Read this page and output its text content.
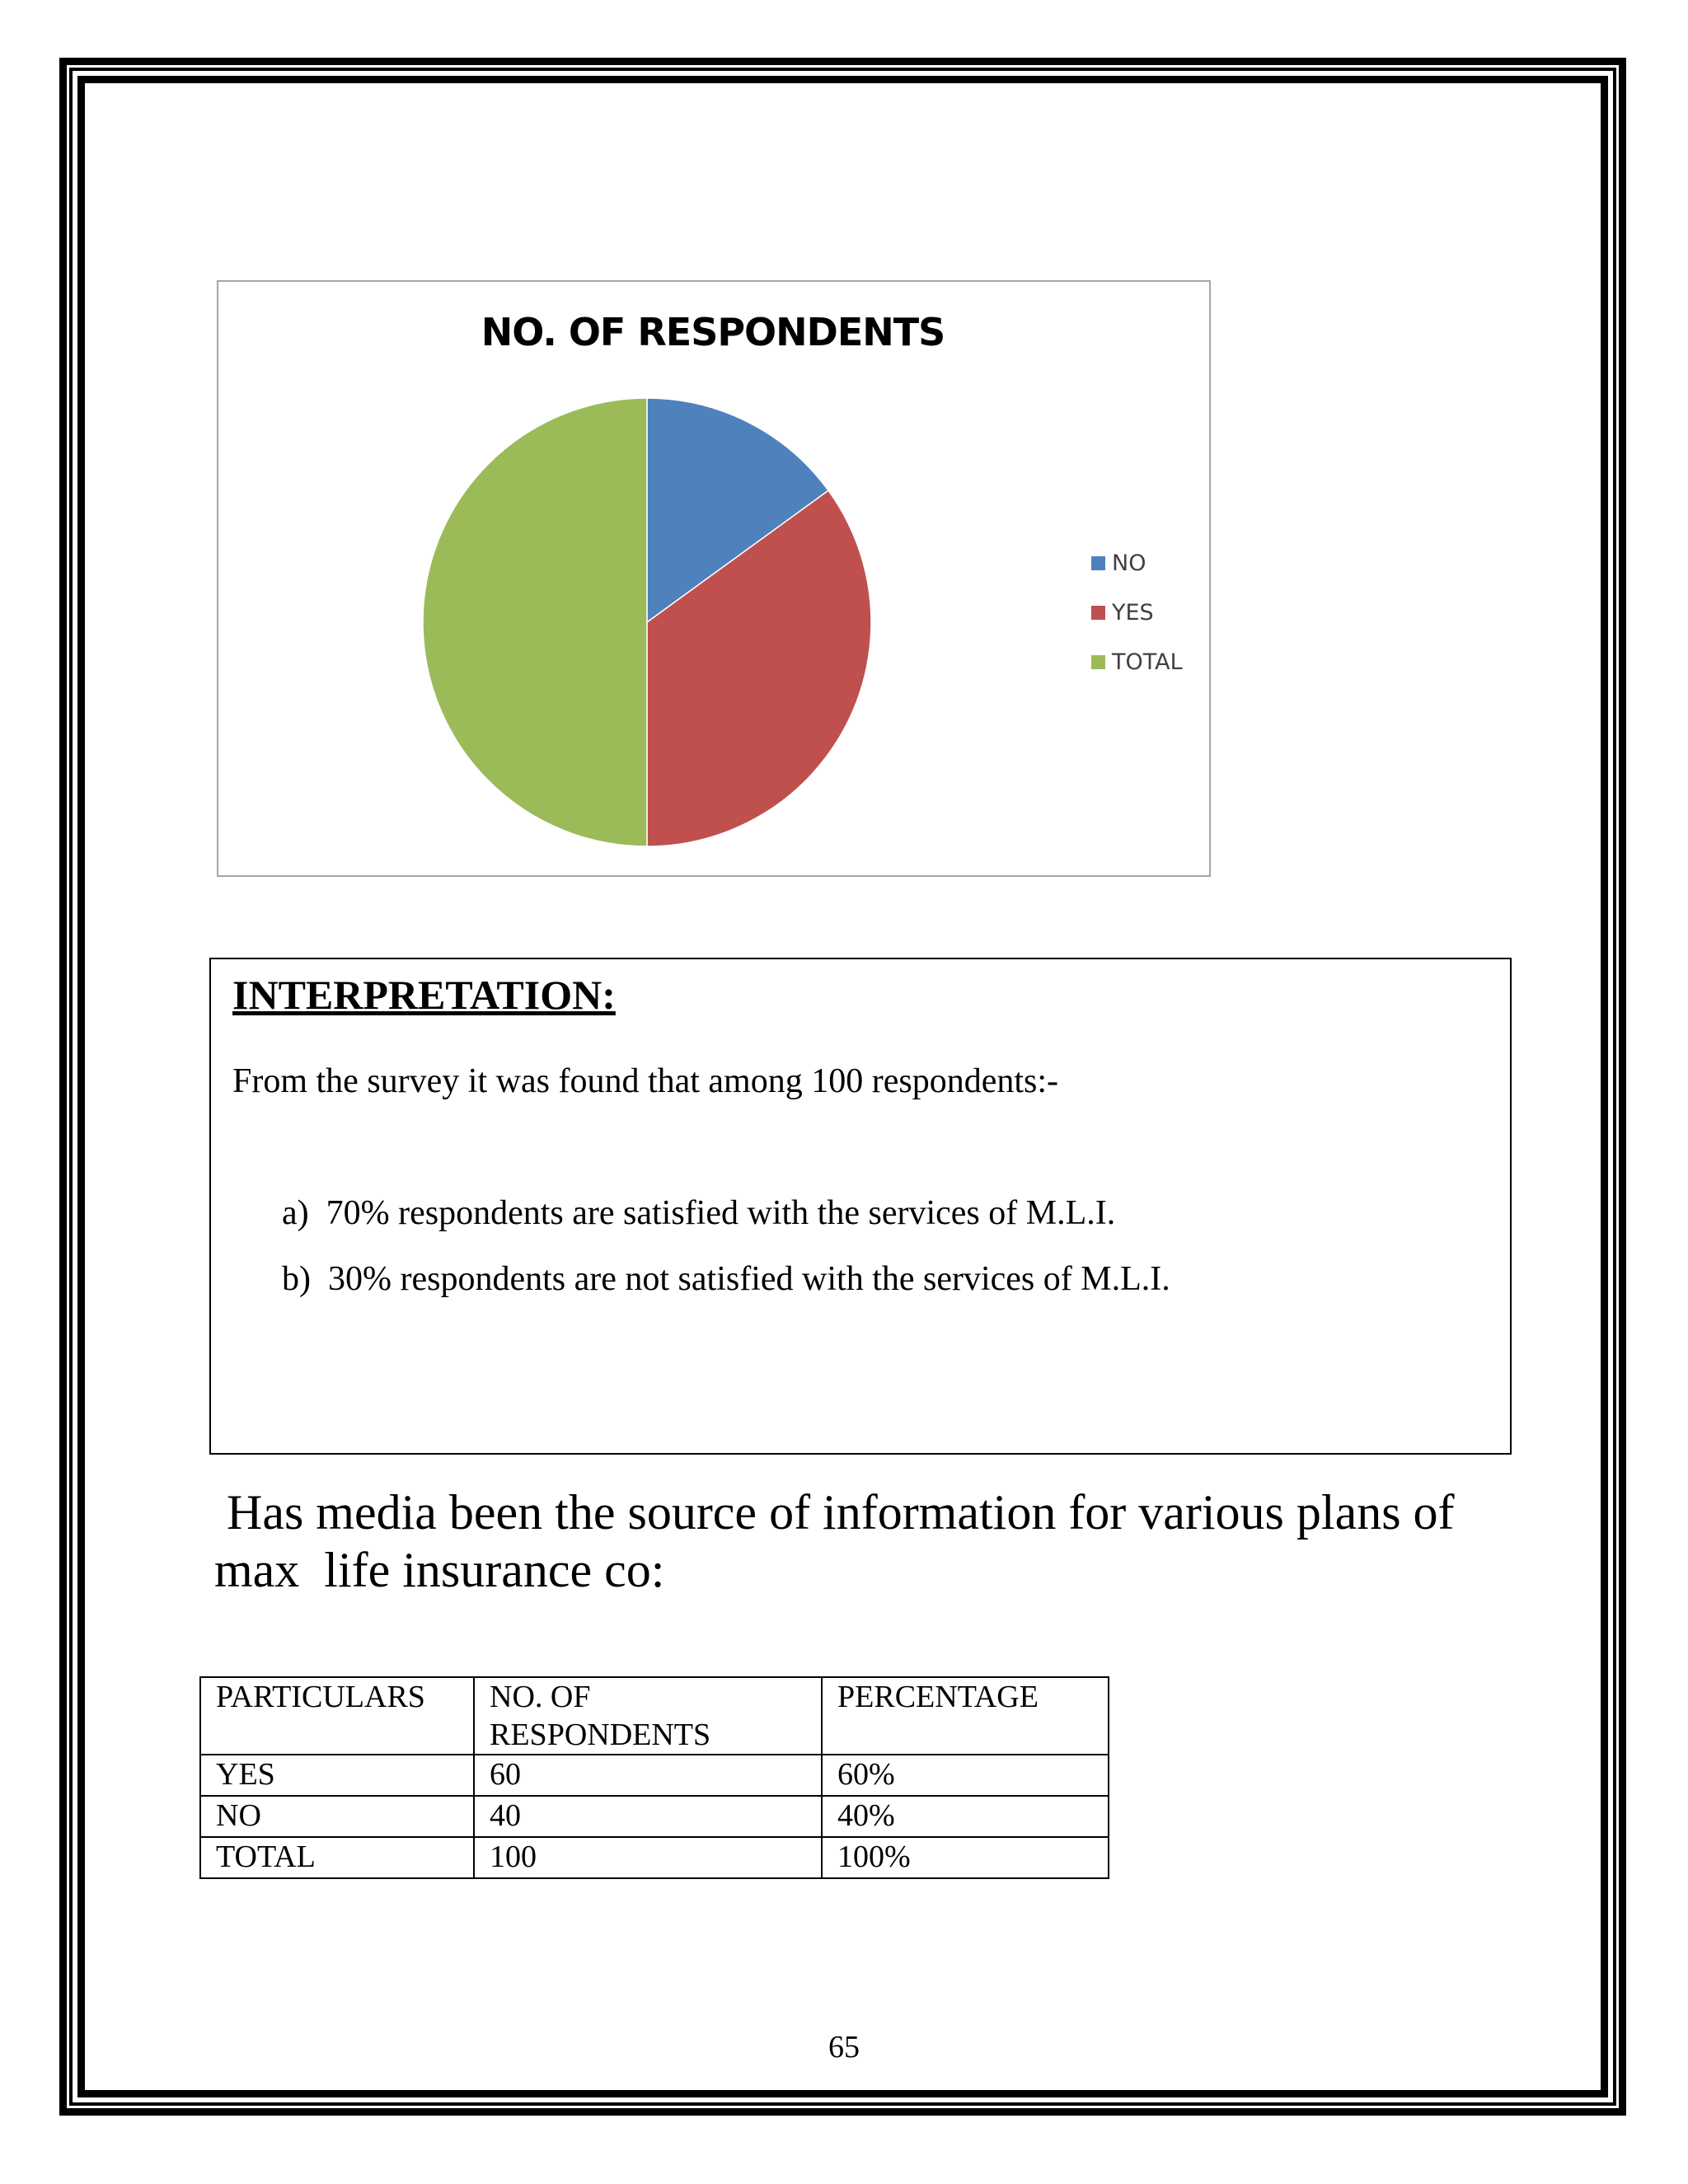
NO. OF RESPONDENTS
NO
YES
TOTAL
INTERPRETATION:
From the survey it was found that among 100 respondents:-
a) 70% respondents are satisfied with the services of M.L.I.
b) 30% respondents are not satisfied with the services of M.L.I.
Has media been the source of information for various plans of
max  life insurance co:
PARTICULARS	NO. OF RESPONDENTS	PERCENTAGE
YES	60	60%
NO	40	40%
TOTAL	100	100%
65
